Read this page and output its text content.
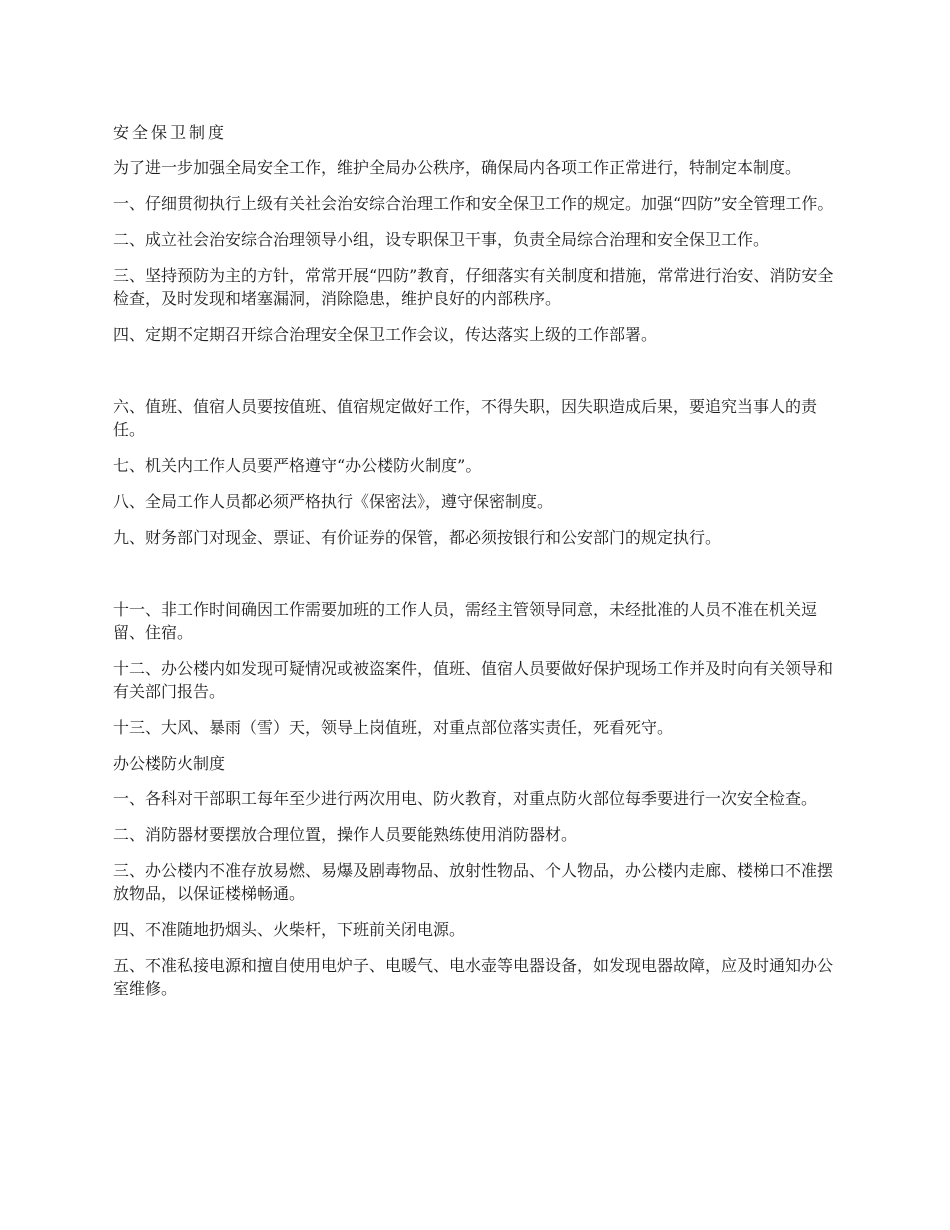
安全保卫制度

为了进一步加强全局安全工作，维护全局办公秩序，确保局内各项工作正常进行，特制定本制度。

一、仔细贯彻执行上级有关社会治安综合治理工作和安全保卫工作的规定。加强“四防”安全管理工作。

二、成立社会治安综合治理领导小组，设专职保卫干事，负责全局综合治理和安全保卫工作。

三、坚持预防为主的方针，常常开展“四防”教育，仔细落实有关制度和措施，常常进行治安、消防安全检查，及时发现和堵塞漏洞，消除隐患，维护良好的内部秩序。

四、定期不定期召开综合治理安全保卫工作会议，传达落实上级的工作部署。

六、值班、值宿人员要按值班、值宿规定做好工作，不得失职，因失职造成后果，要追究当事人的责任。

七、机关内工作人员要严格遵守“办公楼防火制度”。

八、全局工作人员都必须严格执行《保密法》，遵守保密制度。

九、财务部门对现金、票证、有价证券的保管，都必须按银行和公安部门的规定执行。

十一、非工作时间确因工作需要加班的工作人员，需经主管领导同意，未经批准的人员不准在机关逗留、住宿。

十二、办公楼内如发现可疑情况或被盗案件，值班、值宿人员要做好保护现场工作并及时向有关领导和有关部门报告。

十三、大风、暴雨（雪）天，领导上岗值班，对重点部位落实责任，死看死守。

办公楼防火制度

一、各科对干部职工每年至少进行两次用电、防火教育，对重点防火部位每季要进行一次安全检查。

二、消防器材要摆放合理位置，操作人员要能熟练使用消防器材。

三、办公楼内不准存放易燃、易爆及剧毒物品、放射性物品、个人物品，办公楼内走廊、楼梯口不准摆放物品，以保证楼梯畅通。

四、不准随地扔烟头、火柴杆，下班前关闭电源。

五、不准私接电源和擅自使用电炉子、电暖气、电水壶等电器设备，如发现电器故障，应及时通知办公室维修。
